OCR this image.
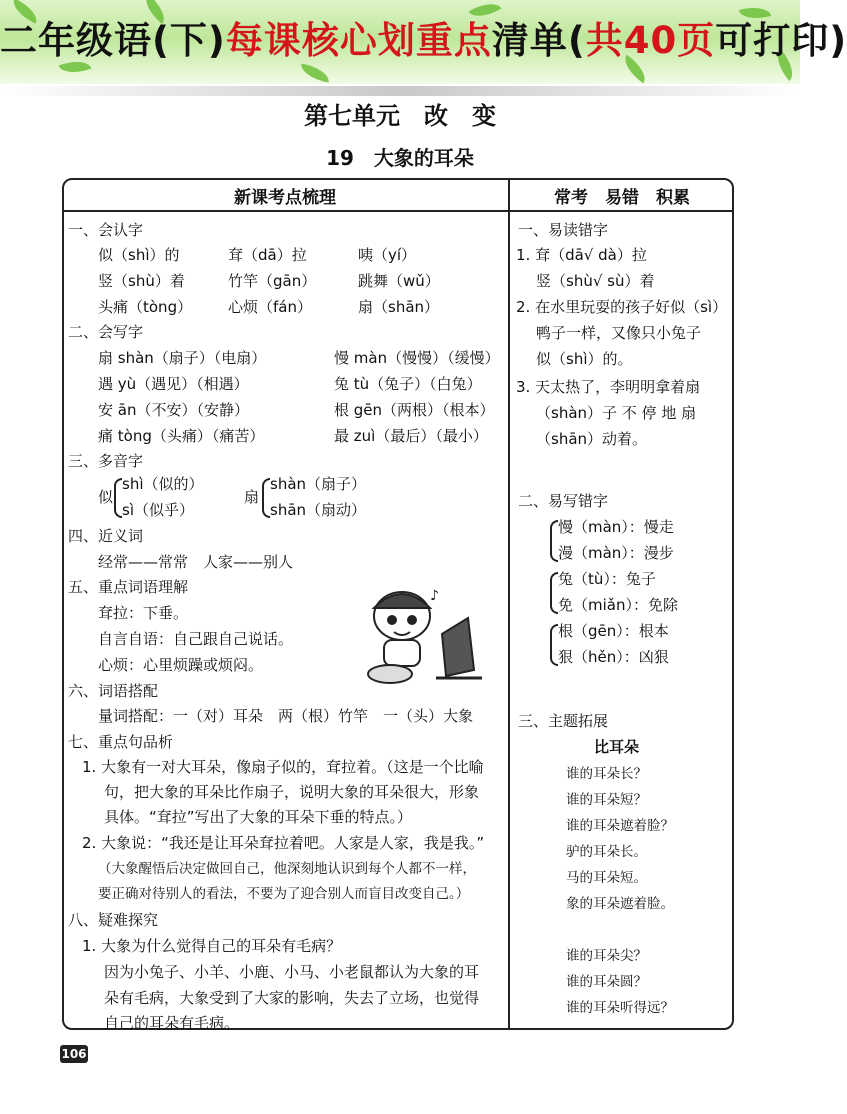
二年级语(下)每课核心划重点清单(共40页可打印)
第七单元　改　变
19　大象的耳朵
新课考点梳理	常考　易错　积累
一、会认字
似（shì）的	耷（dā）拉	咦（yí）
竖（shù）着	竹竿（gān）	跳舞（wǔ）
头痛（tòng） 心烦（fán）	扇（shān）
二、会写字
扇 shàn（扇子）（电扇）	慢 màn（慢慢）（缓慢）
遇 yù（遇见）（相遇）	兔 tù（兔子）（白兔）
安 ān（不安）（安静）	根 gēn（两根）（根本）
痛 tòng（头痛）（痛苦）	最 zuì（最后）（最小）
三、多音字
似
shì（似的）
sì（似乎）
扇
shàn（扇子）
shān（扇动）
四、近义词
经常——常常　人家——别人
五、重点词语理解
耷拉：下垂。
自言自语：自己跟自己说话。
心烦：心里烦躁或烦闷。
♪
六、词语搭配
量词搭配：一（对）耳朵　两（根）竹竿　一（头）大象
七、重点句品析
1. 大象有一对大耳朵，像扇子似的，耷拉着。（这是一个比喻
句，把大象的耳朵比作扇子，说明大象的耳朵很大，形象
具体。“耷拉”写出了大象的耳朵下垂的特点。）
2. 大象说：“我还是让耳朵耷拉着吧。人家是人家，我是我。”
（大象醒悟后决定做回自己，他深刻地认识到每个人都不一样，
要正确对待别人的看法，不要为了迎合别人而盲目改变自己。）
八、疑难探究
1. 大象为什么觉得自己的耳朵有毛病？
因为小兔子、小羊、小鹿、小马、小老鼠都认为大象的耳
朵有毛病，大象受到了大家的影响，失去了立场，也觉得
自己的耳朵有毛病。
一、易读错字
1. 耷（dā√ dà）拉
竖（shù√ sù）着
2. 在水里玩耍的孩子好似（sì）
鸭子一样，又像只小兔子
似（shì）的。
3. 天太热了，李明明拿着扇
（shàn）子 不 停 地 扇
（shān）动着。
二、易写错字
慢（màn）：慢走
漫（màn）：漫步
兔（tù）：兔子
免（miǎn）：免除
根（gēn）：根本
狠（hěn）：凶狠
三、主题拓展
比耳朵
谁的耳朵长？
谁的耳朵短？
谁的耳朵遮着脸？
驴的耳朵长。
马的耳朵短。
象的耳朵遮着脸。
谁的耳朵尖？
谁的耳朵圆？
谁的耳朵听得远？
106
